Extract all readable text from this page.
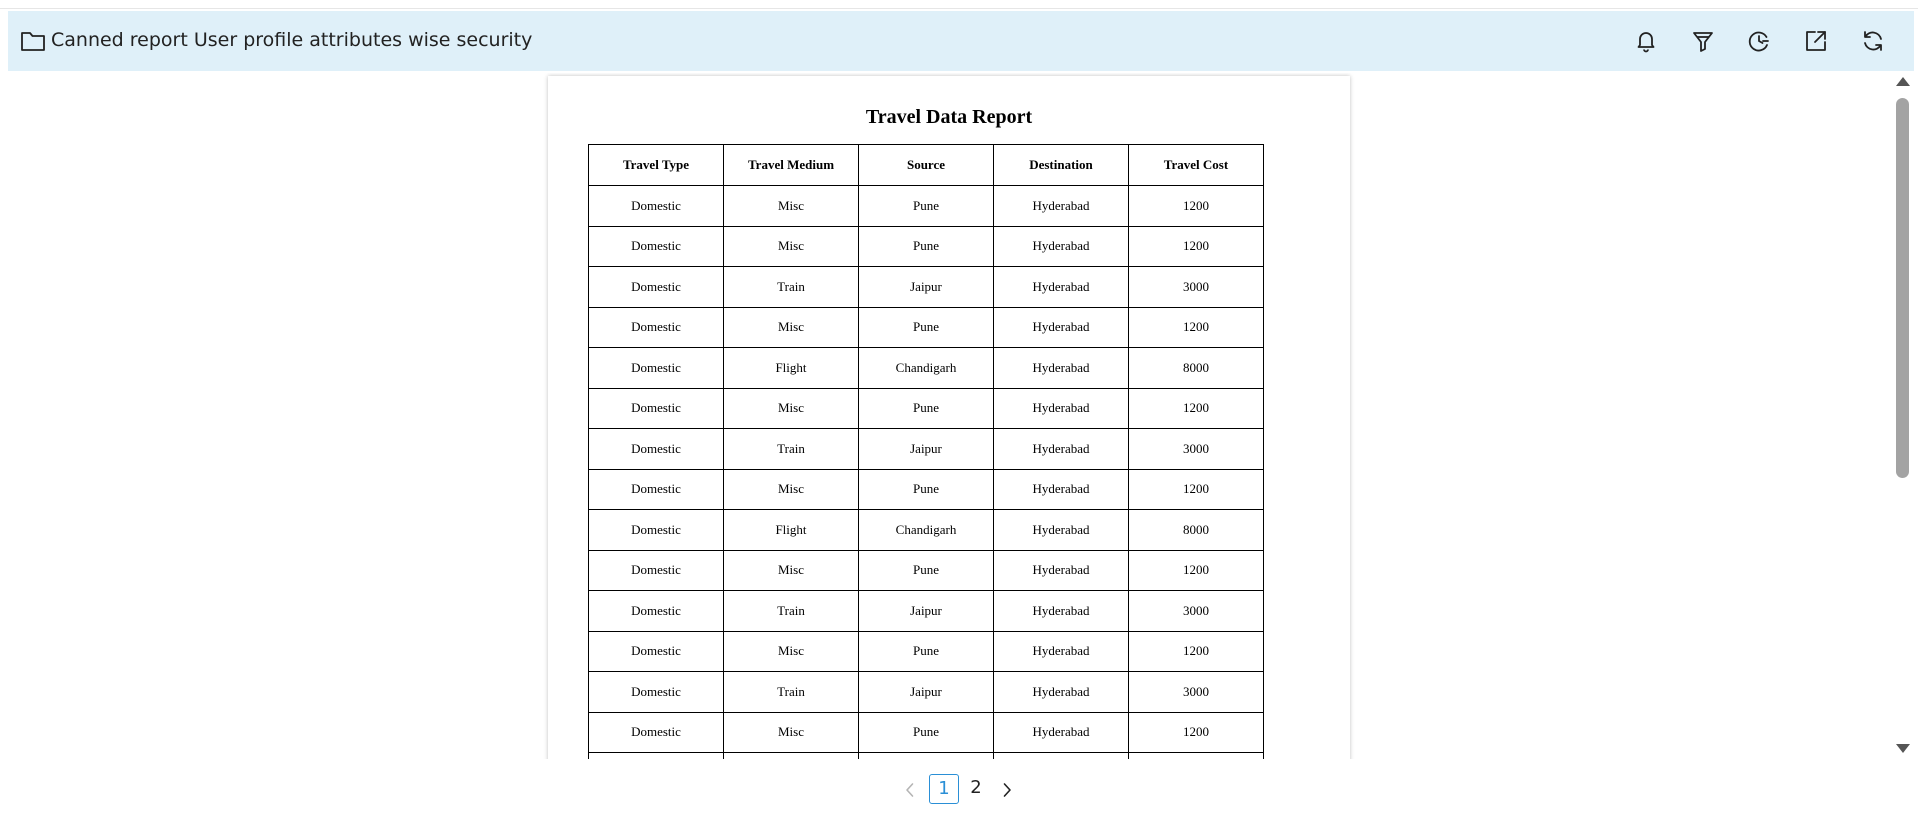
Canned report User profile attributes wise security
Travel Data Report
Travel Type	Travel Medium	Source	Destination	Travel Cost
Domestic	Misc	Pune	Hyderabad	1200
Domestic	Misc	Pune	Hyderabad	1200
Domestic	Train	Jaipur	Hyderabad	3000
Domestic	Misc	Pune	Hyderabad	1200
Domestic	Flight	Chandigarh	Hyderabad	8000
Domestic	Misc	Pune	Hyderabad	1200
Domestic	Train	Jaipur	Hyderabad	3000
Domestic	Misc	Pune	Hyderabad	1200
Domestic	Flight	Chandigarh	Hyderabad	8000
Domestic	Misc	Pune	Hyderabad	1200
Domestic	Train	Jaipur	Hyderabad	3000
Domestic	Misc	Pune	Hyderabad	1200
Domestic	Train	Jaipur	Hyderabad	3000
Domestic	Misc	Pune	Hyderabad	1200

1	2
